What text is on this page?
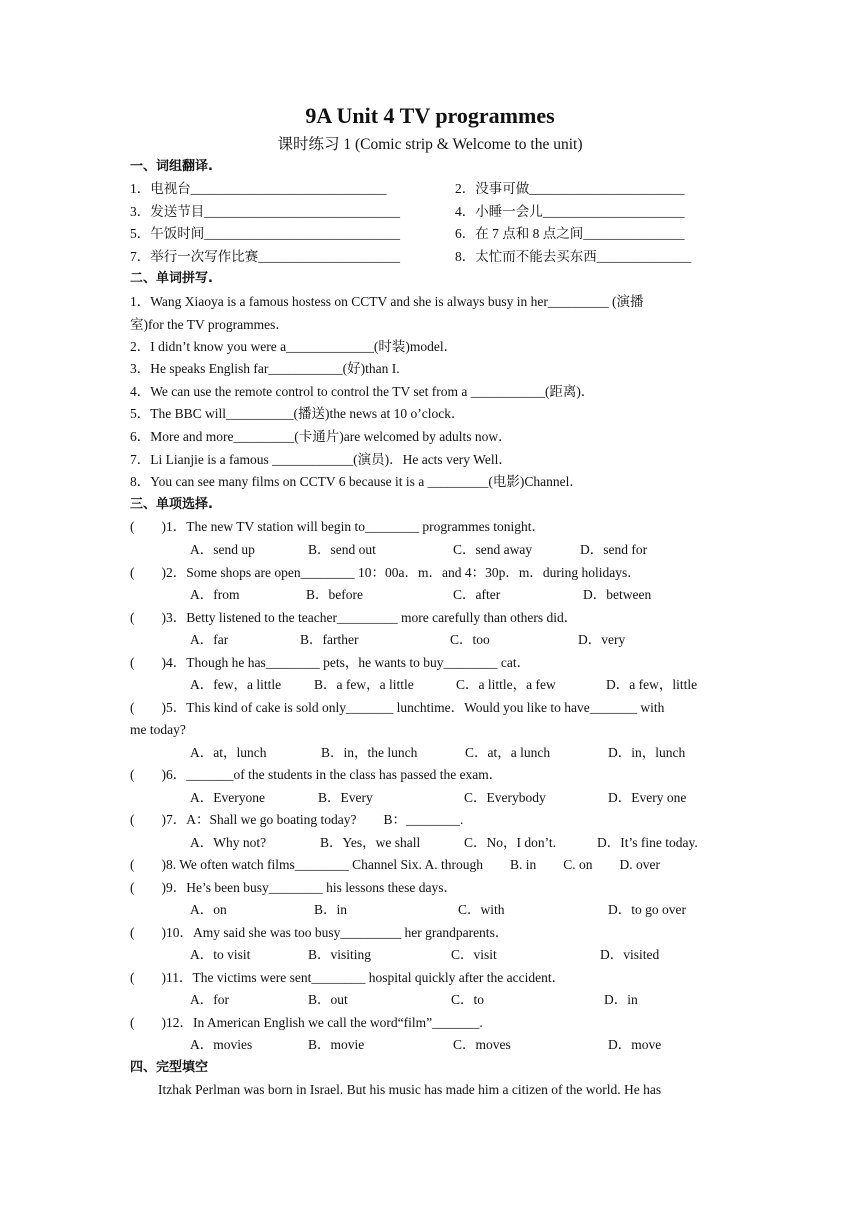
9A Unit 4 TV programmes
课时练习 1 (Comic strip & Welcome to the unit)
一、词组翻译.
1．电视台_____________________________	2．没事可做_______________________
3．发送节目_____________________________	4．小睡一会儿_____________________
5．午饭时间_____________________________	6．在 7 点和 8 点之间_______________
7．举行一次写作比赛_____________________	8．太忙而不能去买东西______________
二、单词拼写.
1．Wang Xiaoya is a famous hostess on CCTV and she is always busy in her_________ (演播
室)for the TV programmes．
2．I didn’t know you were a_____________(时装)model．
3．He speaks English far___________(好)than I.
4．We can use the remote control to control the TV set from a ___________(距离)．
5．The BBC will__________(播送)the news at 10 o’clock．
6．More and more_________(卡通片)are welcomed by adults now．
7．Li Lianjie is a famous ____________(演员)．He acts very Well．
8．You can see many films on CCTV 6 because it is a _________(电影)Channel．
三、单项选择.
(　　)1．The new TV station will begin to________ programmes tonight．
A．send up	B．send out	C．send away	D．send for
(　　)2．Some shops are open________ 10：00a．m．and 4：30p．m．during holidays．
A．from	B．before	C．after	D．between
(　　)3．Betty listened to the teacher_________ more carefully than others did．
A．far	B．farther	C．too	D．very
(　　)4．Though he has________ pets，he wants to buy________ cat．
A．few，a little B．a few，a little	C．a little，a few	D．a few，little
(　　)5．This kind of cake is sold only_______ lunchtime．Would you like to have_______ with
me today?
A．at，lunch	B．in，the lunch	C．at，a lunch	D．in，lunch
(　　)6．_______of the students in the class has passed the exam．
A．Everyone	B．Every	C．Everybody	D．Every one
(　　)7．A：Shall we go boating today?　　B：________.
A．Why not?	B．Yes，we shall	C．No，I don’t.	D．It’s fine today.
(　　)8. We often watch films________ Channel Six. A. through　　B. in　　C. on　　D. over
(　　)9．He’s been busy________ his lessons these days．
A．on	B．in	C．with	D．to go over
(　　)10．Amy said she was too busy_________ her grandparents．
A．to visit	B．visiting	C．visit	D．visited
(　　)11．The victims were sent________ hospital quickly after the accident．
A．for	B．out	C．to	D．in
(　　)12．In American English we call the word“film”_______.
A．movies	B．movie	C．moves	D．move
四、完型填空
Itzhak Perlman was born in Israel. But his music has made him a citizen of the world. He has
